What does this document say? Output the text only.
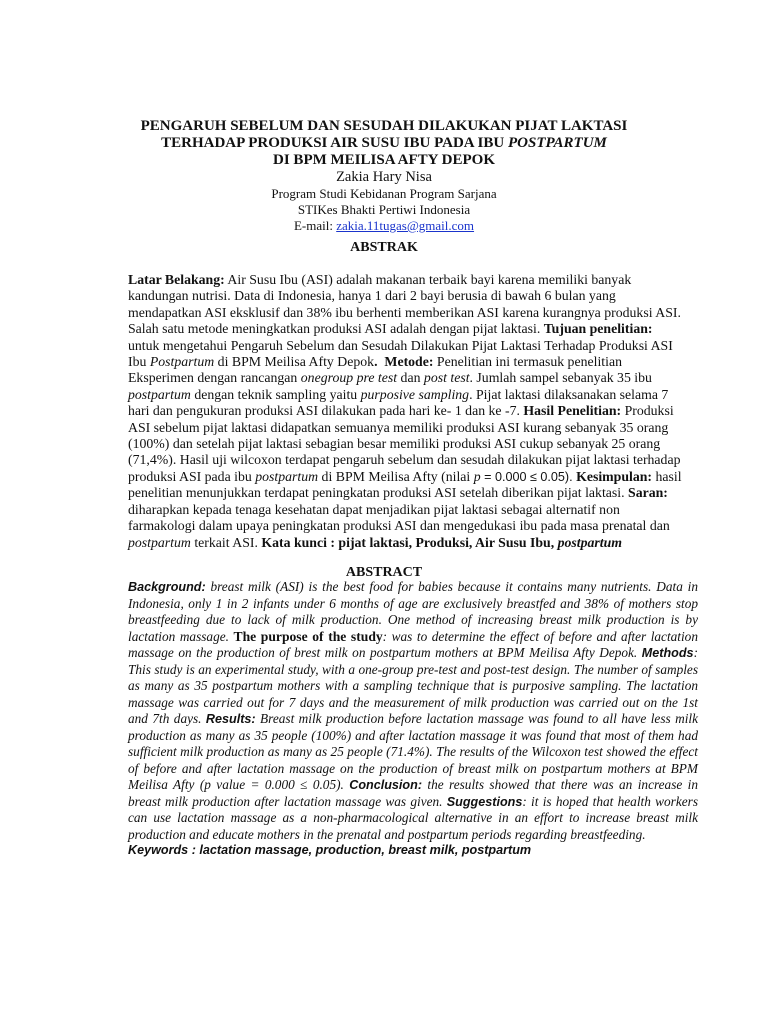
PENGARUH SEBELUM DAN SESUDAH DILAKUKAN PIJAT LAKTASI
TERHADAP PRODUKSI AIR SUSU IBU PADA IBU POSTPARTUM
DI BPM MEILISA AFTY DEPOK
Zakia Hary Nisa
Program Studi Kebidanan Program Sarjana
STIKes Bhakti Pertiwi Indonesia
E-mail: zakia.11tugas@gmail.com
ABSTRAK
Latar Belakang: Air Susu Ibu (ASI) adalah makanan terbaik bayi karena memiliki banyak kandungan nutrisi. Data di Indonesia, hanya 1 dari 2 bayi berusia di bawah 6 bulan yang mendapatkan ASI eksklusif dan 38% ibu berhenti memberikan ASI karena kurangnya produksi ASI. Salah satu metode meningkatkan produksi ASI adalah dengan pijat laktasi. Tujuan penelitian: untuk mengetahui Pengaruh Sebelum dan Sesudah Dilakukan Pijat Laktasi Terhadap Produksi ASI Ibu Postpartum di BPM Meilisa Afty Depok. Metode: Penelitian ini termasuk penelitian Eksperimen dengan rancangan onegroup pre test dan post test. Jumlah sampel sebanyak 35 ibu postpartum dengan teknik sampling yaitu purposive sampling. Pijat laktasi dilaksanakan selama 7 hari dan pengukuran produksi ASI dilakukan pada hari ke- 1 dan ke -7. Hasil Penelitian: Produksi ASI sebelum pijat laktasi didapatkan semuanya memiliki produksi ASI kurang sebanyak 35 orang (100%) dan setelah pijat laktasi sebagian besar memiliki produksi ASI cukup sebanyak 25 orang (71,4%). Hasil uji wilcoxon terdapat pengaruh sebelum dan sesudah dilakukan pijat laktasi terhadap produksi ASI pada ibu postpartum di BPM Meilisa Afty (nilai p = 0.000 ≤ 0.05). Kesimpulan: hasil penelitian menunjukkan terdapat peningkatan produksi ASI setelah diberikan pijat laktasi. Saran: diharapkan kepada tenaga kesehatan dapat menjadikan pijat laktasi sebagai alternatif non farmakologi dalam upaya peningkatan produksi ASI dan mengedukasi ibu pada masa prenatal dan postpartum terkait ASI. Kata kunci : pijat laktasi, Produksi, Air Susu Ibu, postpartum
ABSTRACT
Background: breast milk (ASI) is the best food for babies because it contains many nutrients. Data in Indonesia, only 1 in 2 infants under 6 months of age are exclusively breastfed and 38% of mothers stop breastfeeding due to lack of milk production. One method of increasing breast milk production is by lactation massage. The purpose of the study: was to determine the effect of before and after lactation massage on the production of brest milk on postpartum mothers at BPM Meilisa Afty Depok. Methods: This study is an experimental study, with a one-group pre-test and post-test design. The number of samples as many as 35 postpartum mothers with a sampling technique that is purposive sampling. The lactation massage was carried out for 7 days and the measurement of milk production was carried out on the 1st and 7th days. Results: Breast milk production before lactation massage was found to all have less milk production as many as 35 people (100%) and after lactation massage it was found that most of them had sufficient milk production as many as 25 people (71.4%). The results of the Wilcoxon test showed the effect of before and after lactation massage on the production of breast milk on postpartum mothers at BPM Meilisa Afty (p value = 0.000 ≤ 0.05). Conclusion: the results showed that there was an increase in breast milk production after lactation massage was given. Suggestions: it is hoped that health workers can use lactation massage as a non-pharmacological alternative in an effort to increase breast milk production and educate mothers in the prenatal and postpartum periods regarding breastfeeding.
Keywords : lactation massage, production, breast milk, postpartum
